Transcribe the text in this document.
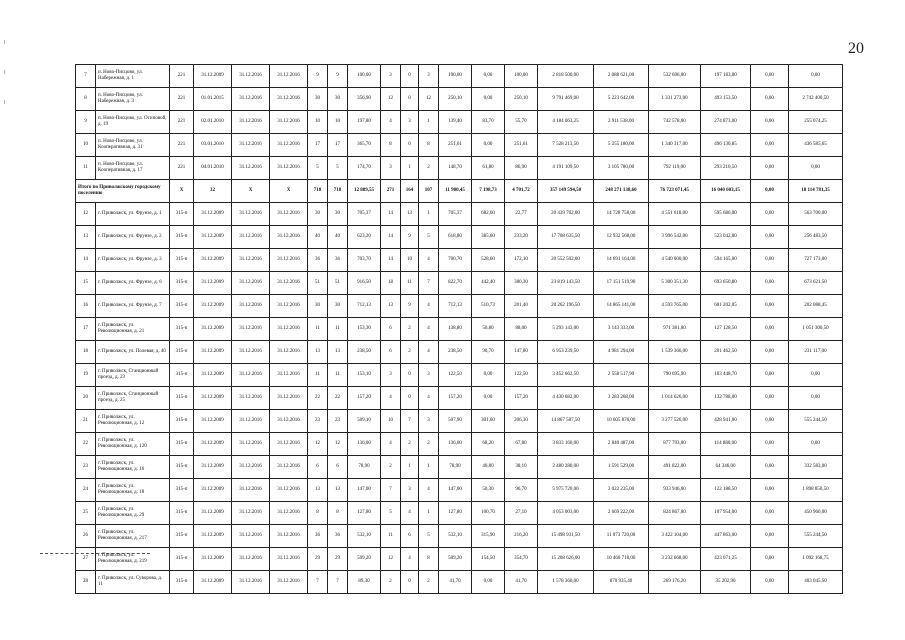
20
7	п. Ново-Писцово, ул. Набережная, д. 1	221	31.12.2009	31.12.2016	31.12.2016	9	9	100,00	3	0	3	100,00	0,00	100,00	2 818 500,00	2 088 621,00	532 696,00	197 183,00	0,00	0,00
8	п. Ново-Писцово, ул. Набережная, д. 3	221	01.01.2015	31.12.2016	31.12.2016	30	30	356,90	12	0	12	250,10	0,00	250,10	9 791 469,00	5 223 642,00	1 331 273,00	493 153,50	0,00	2 742 400,50
9	п. Ново-Писцово, ул. Осиповой, д. 19	221	02.01.2010	31.12.2016	31.12.2016	10	10	197,80	4	3	1	139,40	83,70	55,70	4 184 063,25	2 911 538,00	742 578,00	274 873,00	0,00	255 074,25
10	п. Ново-Писцово, ул. Кооперативная, д. 31	221	03.01.2010	31.12.2016	31.12.2016	17	17	365,70	8	0	8	251,61	0,00	251,61	7 528 213,50	5 255 180,00	1 340 317,00	496 130,85	0,00	436 585,65
11	п. Ново-Писцово, ул. Кооперативная, д. 17	221	04.01.2010	31.12.2016	31.12.2016	5	5	174,70	3	1	2	148,70	61,80	86,90	4 191 109,50	3 105 780,00	792 119,00	293 210,50	0,00	0,00
Итого по Приволжскому городскому поселению		X	32	X	X	718	718	12 889,55	271	164	107	11 900,45	7 198,73	4 701,72	357 149 594,50	248 271 138,60	76 723 071,45	16 040 603,15	0,00	18 114 781,35
12	г. Приволжск, ул. Фрунзе, д. 1	315-п	31.12.2009	31.12.2016	31.12.2016	30	30	705,37	14	13	1	705,37	682,60	22,77	20 439 702,00	14 728 758,00	4 551 618,00	595 686,00	0,00	563 700,00
13	г. Приволжск, ул. Фрунзе, д. 2	315-п	31.12.2009	31.12.2016	31.12.2016	40	40	623,20	14	9	5	618,80	385,60	233,20	17 708 635,50	12 932 568,00	3 996 542,00	523 042,00	0,00	256 483,50
14	г. Приволжск, ул. Фрунзе, д. 3	315-п	31.12.2009	31.12.2016	31.12.2016	36	36	703,70	14	10	4	700,70	528,60	172,10	20 552 502,00	14 691 164,00	4 540 000,00	594 165,00	0,00	727 173,00
15	г. Приволжск, ул. Фрунзе, д. 6	315-п	31.12.2009	31.12.2016	31.12.2016	51	51	916,50	18	11	7	822,70	442,40	380,30	23 819 143,50	17 151 519,90	5 300 351,30	693 650,80	0,00	673 621,50
16	г. Приволжск, ул. Фрунзе, д. 7	315-п	31.12.2009	31.12.2016	31.12.2016	30	30	712,13	13	9	4	712,13	510,73	201,40	20 262 196,50	14 865 141,00	4 593 765,00	601 202,05	0,00	202 088,45
17	г. Приволжск, ул. Революционная, д. 21	315-п	31.12.2009	31.12.2016	31.12.2016	11	11	153,30	6	2	4	138,80	50,80	88,00	5 293 143,00	3 143 333,00	971 381,00	127 128,50	0,00	1 051 300,50
18	г. Приволжск, ул. Полевая, д. 40	315-п	31.12.2009	31.12.2016	31.12.2016	13	13	238,50	6	2	4	238,50	90,70	147,80	6 953 239,50	4 981 294,00	1 539 366,00	201 462,50	0,00	231 117,00
19	г. Приволжск, Станционный проезд, д. 23	315-п	31.12.2009	31.12.2016	31.12.2016	11	11	153,10	3	0	3	122,50	0,00	122,50	3 452 662,50	2 558 517,90	790 695,90	103 448,70	0,00	0,00
20	г. Приволжск, Станционный проезд, д. 25	315-п	31.12.2009	31.12.2016	31.12.2016	22	22	157,20	4	0	4	157,20	0,00	157,20	4 430 682,00	3 283 268,00	1 014 626,00	132 788,00	0,00	0,00
21	г. Приволжск, ул. Революционная, д. 12	315-п	31.12.2009	31.12.2016	31.12.2016	23	23	509,10	10	7	3	507,90	301,60	206,30	14 867 587,50	10 605 876,00	3 277 526,00	428 941,00	0,00	555 244,50
22	г. Приволжск, ул. Революционная, д. 120	315-п	31.12.2009	31.12.2016	31.12.2016	12	12	136,00	4	2	2	136,00	68,20	67,80	3 833 160,00	2 840 487,00	877 793,00	114 880,00	0,00	0,00
23	г. Приволжск, ул. Революционная, д. 16	315-п	31.12.2009	31.12.2016	31.12.2016	6	6	78,90	2	1	1	78,90	40,80	38,10	2 480 280,00	1 591 529,00	491 822,00	64 346,00	0,00	332 583,00
24	г. Приволжск, ул. Революционная, д. 18	315-п	31.12.2009	31.12.2016	31.12.2016	13	13	147,00	7	3	4	147,00	50,30	96,70	5 975 720,00	3 022 235,00	933 946,00	122 188,50	0,00	1 898 850,50
25	г. Приволжск, ул. Революционная, д. 29	315-п	31.12.2009	31.12.2016	31.12.2016	8	8	127,80	5	4	1	127,80	100,70	27,10	4 053 003,00	2 669 222,00	824 867,00	107 954,00	0,00	450 960,00
26	г. Приволжск, ул. Революционная, д. 217	315-п	31.12.2009	31.12.2016	31.12.2016	36	36	532,10	11	6	5	532,10	315,90	216,20	15 498 931,50	11 073 720,00	3 422 104,00	447 863,00	0,00	555 244,50
27	г. Приволжск, ул. Революционная, д. 219	315-п	31.12.2009	31.12.2016	31.12.2016	29	29	509,20	12	4	8	509,20	154,50	354,70	15 208 626,00	10 460 718,00	3 232 668,00	423 071,25	0,00	1 092 168,75
28	г. Приволжск, ул. Суворова, д. 11	315-п	31.12.2009	31.12.2016	31.12.2016	7	7	89,30	2	0	2	41,70	0,00	41,70	1 578 360,00	870 935,40	269 176,20	35 202,90	0,00	403 045,50
